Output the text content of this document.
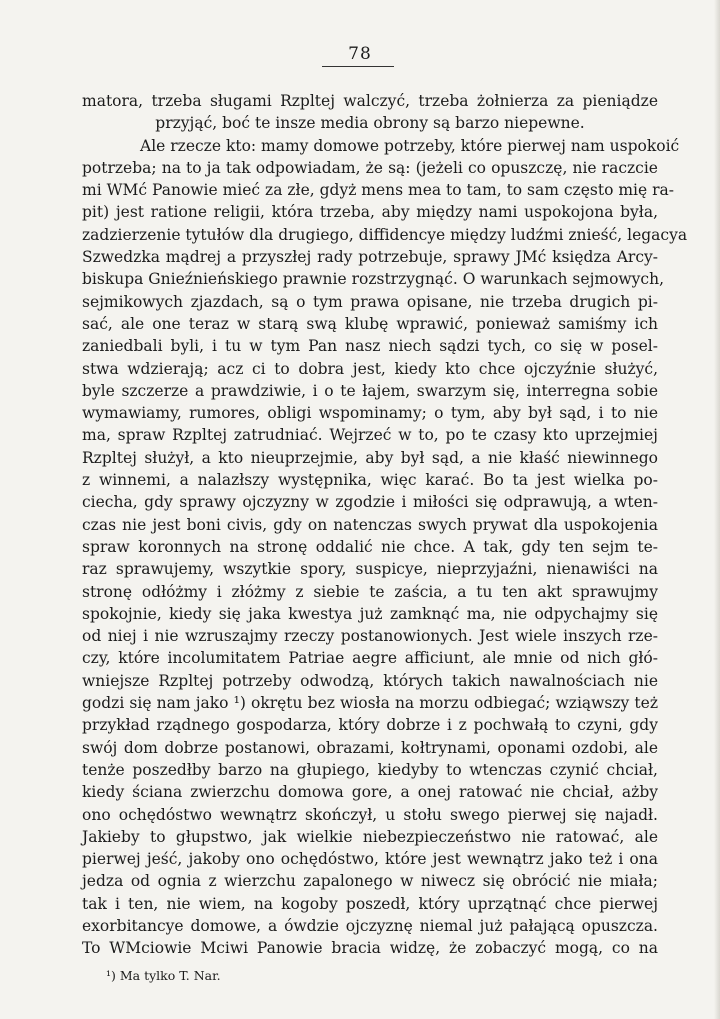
78
matora, trzeba sługami Rzpltej walczyć, trzeba żołnierza za pieniądze
przyjąć, boć te insze media obrony są barzo niepewne.
Ale rzecze kto: mamy domowe potrzeby, które pierwej nam uspokoić
potrzeba; na to ja tak odpowiadam, że są: (jeżeli co opuszczę, nie raczcie
mi WMć Panowie mieć za złe, gdyż mens mea to tam, to sam często mię ra-
pit) jest ratione religii, która trzeba, aby między nami uspokojona była,
zadzierzenie tytułów dla drugiego, diffidencye między ludźmi znieść, legacya
Szwedzka mądrej a przyszłej rady potrzebuje, sprawy JMć księdza Arcy-
biskupa Gnieźnieńskiego prawnie rozstrzygnąć. O warunkach sejmowych,
sejmikowych zjazdach, są o tym prawa opisane, nie trzeba drugich pi-
sać, ale one teraz w starą swą klubę wprawić, ponieważ samiśmy ich
zaniedbali byli, i tu w tym Pan nasz niech sądzi tych, co się w posel-
stwa wdzierają; acz ci to dobra jest, kiedy kto chce ojczyźnie służyć,
byle szczerze a prawdziwie, i o te łajem, swarzym się, interregna sobie
wymawiamy, rumores, obligi wspominamy; o tym, aby był sąd, i to nie
ma, spraw Rzpltej zatrudniać. Wejrzeć w to, po te czasy kto uprzejmiej
Rzpltej służył, a kto nieuprzejmie, aby był sąd, a nie kłaść niewinnego
z winnemi, a nalazłszy występnika, więc karać. Bo ta jest wielka po-
ciecha, gdy sprawy ojczyzny w zgodzie i miłości się odprawują, a wten-
czas nie jest boni civis, gdy on natenczas swych prywat dla uspokojenia
spraw koronnych na stronę oddalić nie chce. A tak, gdy ten sejm te-
raz sprawujemy, wszytkie spory, suspicye, nieprzyjaźni, nienawiści na
stronę odłóżmy i złóżmy z siebie te zaścia, a tu ten akt sprawujmy
spokojnie, kiedy się jaka kwestya już zamknąć ma, nie odpychajmy się
od niej i nie wzruszajmy rzeczy postanowionych. Jest wiele inszych rze-
czy, które incolumitatem Patriae aegre afficiunt, ale mnie od nich głó-
wniejsze Rzpltej potrzeby odwodzą, których takich nawalnościach nie
godzi się nam jako ¹) okrętu bez wiosła na morzu odbiegać; wziąwszy też
przykład rządnego gospodarza, który dobrze i z pochwałą to czyni, gdy
swój dom dobrze postanowi, obrazami, kołtrynami, oponami ozdobi, ale
tenże poszedłby barzo na głupiego, kiedyby to wtenczas czynić chciał,
kiedy ściana zwierzchu domowa gore, a onej ratować nie chciał, ażby
ono ochędóstwo wewnątrz skończył, u stołu swego pierwej się najadł.
Jakieby to głupstwo, jak wielkie niebezpieczeństwo nie ratować, ale
pierwej jeść, jakoby ono ochędóstwo, które jest wewnątrz jako też i ona
jedza od ognia z wierzchu zapalonego w niwecz się obrócić nie miała;
tak i ten, nie wiem, na kogoby poszedł, który uprzątnąć chce pierwej
exorbitancye domowe, a ówdzie ojczyznę niemal już pałającą opuszcza.
To WMciowie Mciwi Panowie bracia widzę, że zobaczyć mogą, co na
¹) Ma tylko T. Nar.
